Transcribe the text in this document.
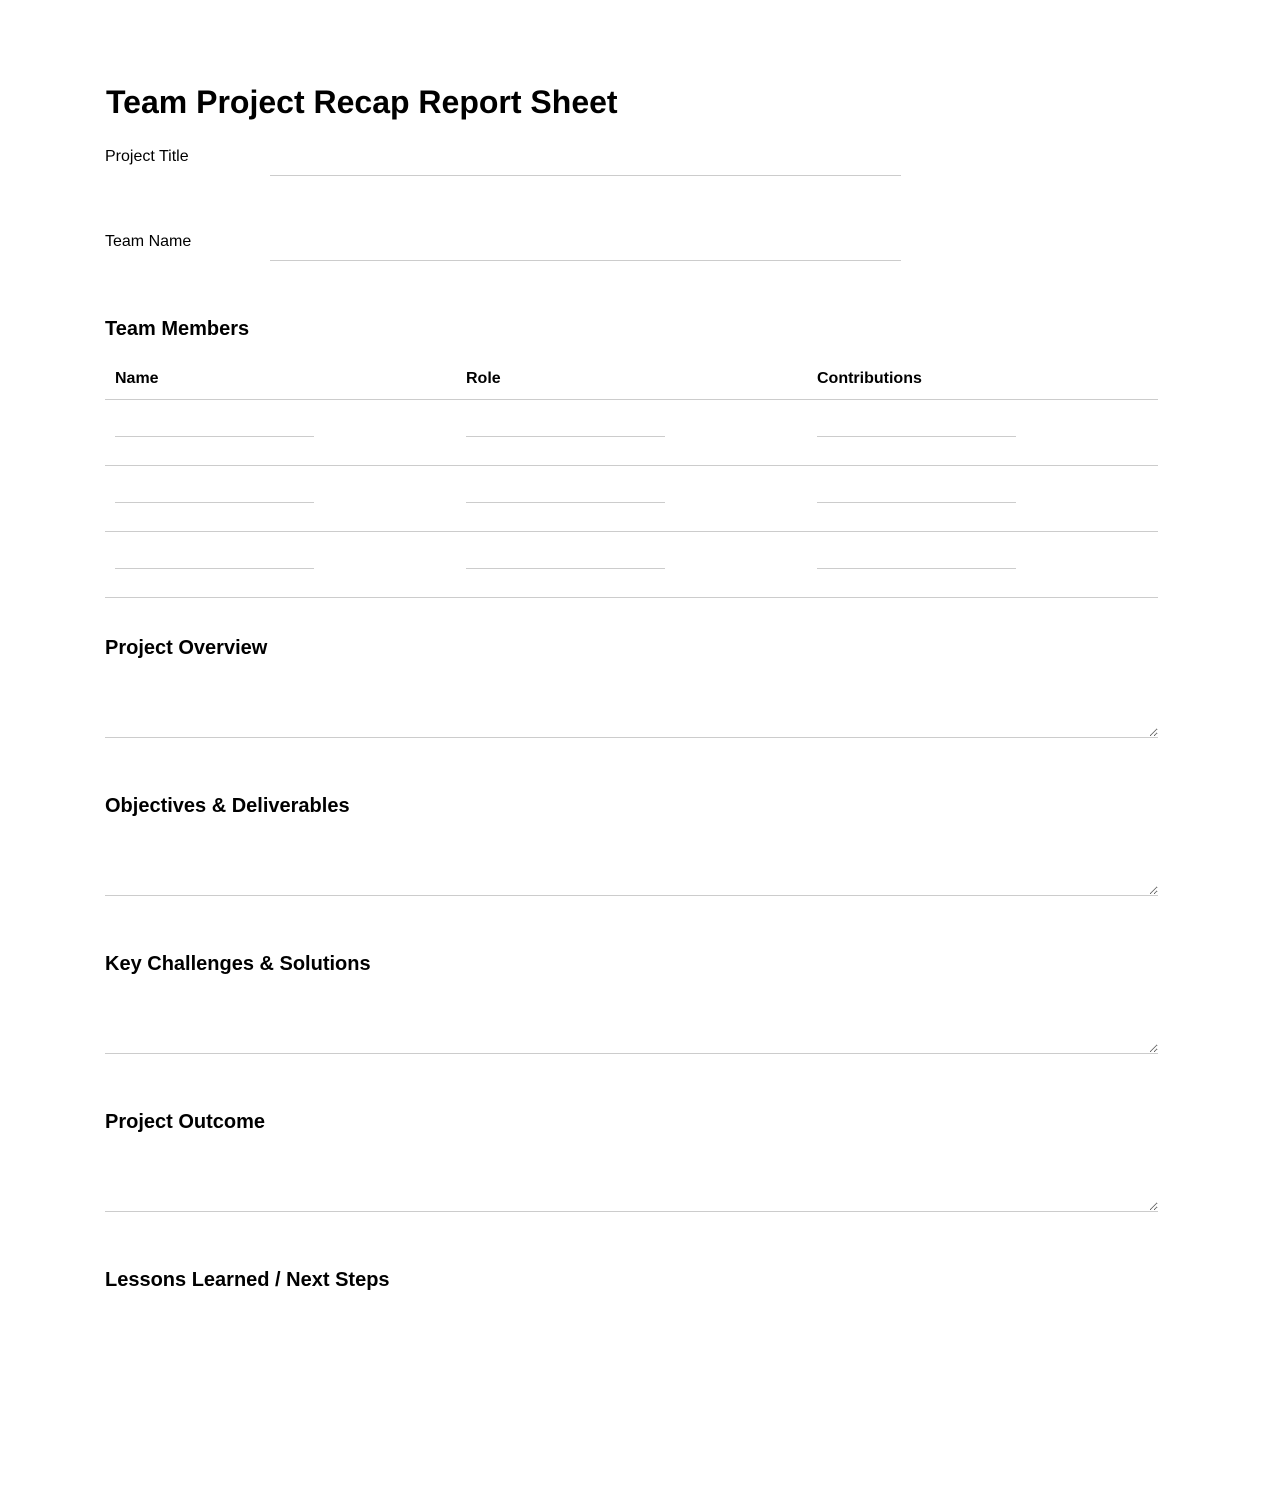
Team Project Recap Report Sheet
Project Title
Team Name
Team Members
Name	Role	Contributions
Project Overview
Objectives & Deliverables
Key Challenges & Solutions
Project Outcome
Lessons Learned / Next Steps
